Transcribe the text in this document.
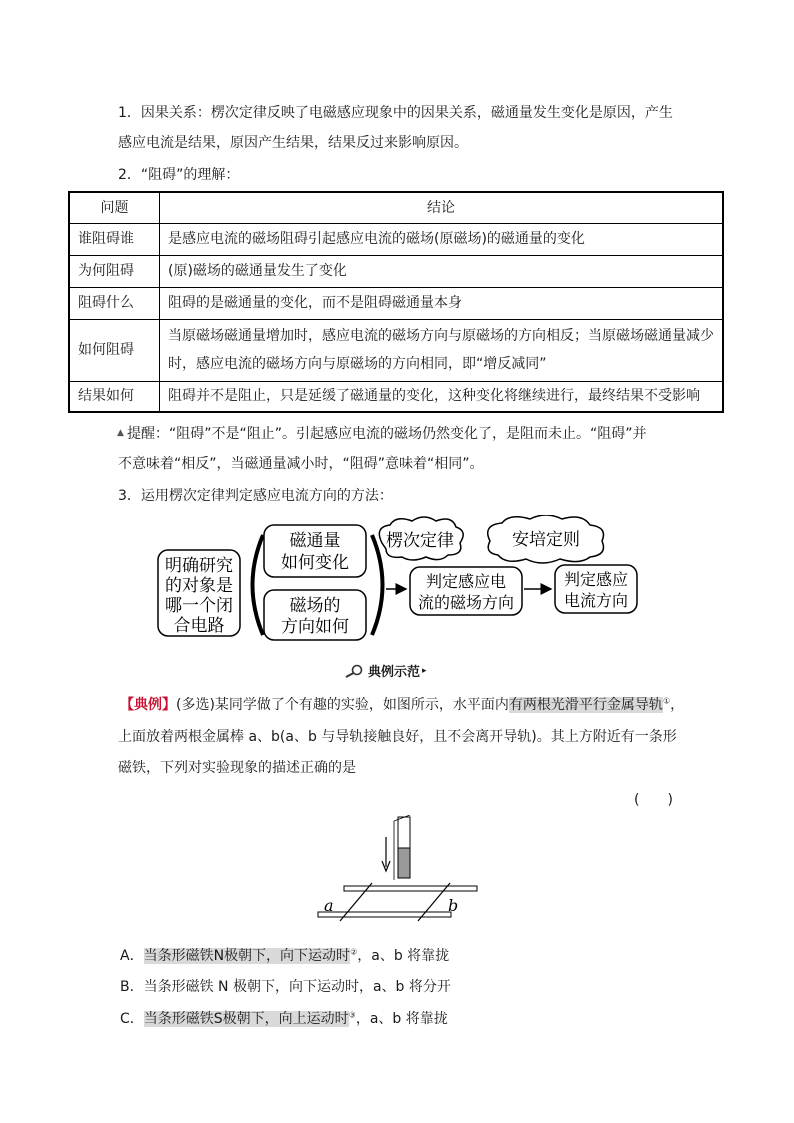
1．因果关系：楞次定律反映了电磁感应现象中的因果关系，磁通量发生变化是原因，产生
感应电流是结果，原因产生结果，结果反过来影响原因。
2．“阻碍”的理解：
问题	结论
谁阻碍谁	是感应电流的磁场阻碍引起感应电流的磁场(原磁场)的磁通量的变化
为何阻碍	(原)磁场的磁通量发生了变化
阻碍什么	阻碍的是磁通量的变化，而不是阻碍磁通量本身
如何阻碍	当原磁场磁通量增加时，感应电流的磁场方向与原磁场的方向相反；当原磁场磁通量减少
时，感应电流的磁场方向与原磁场的方向相同，即“增反减同”

结果如何	阻碍并不是阻止，只是延缓了磁通量的变化，这种变化将继续进行，最终结果不受影响
▲ 提醒：“阻碍”不是“阻止”。引起感应电流的磁场仍然变化了，是阻而未止。“阻碍”并
不意味着“相反”，当磁通量减小时，“阻碍”意味着“相同”。
3．运用楞次定律判定感应电流方向的方法：
明确研究
的对象是
哪一个闭
合电路
磁通量
如何变化
磁场的
方向如何
楞次定律	安培定则
判定感应电
流的磁场方向
判定感应
电流方向
典例示范 ▸
【典例】(多选)某同学做了个有趣的实验，如图所示，水平面内有两根光滑平行金属导轨①，
上面放着两根金属棒 a、b(a、b 与导轨接触良好，且不会离开导轨)。其上方附近有一条形
磁铁，下列对实验现象的描述正确的是
(　　)
a	b
A．当条形磁铁N极朝下，向下运动时②，a、b 将靠拢
B．当条形磁铁 N 极朝下，向下运动时，a、b 将分开
C．当条形磁铁S极朝下，向上运动时③，a、b 将靠拢
